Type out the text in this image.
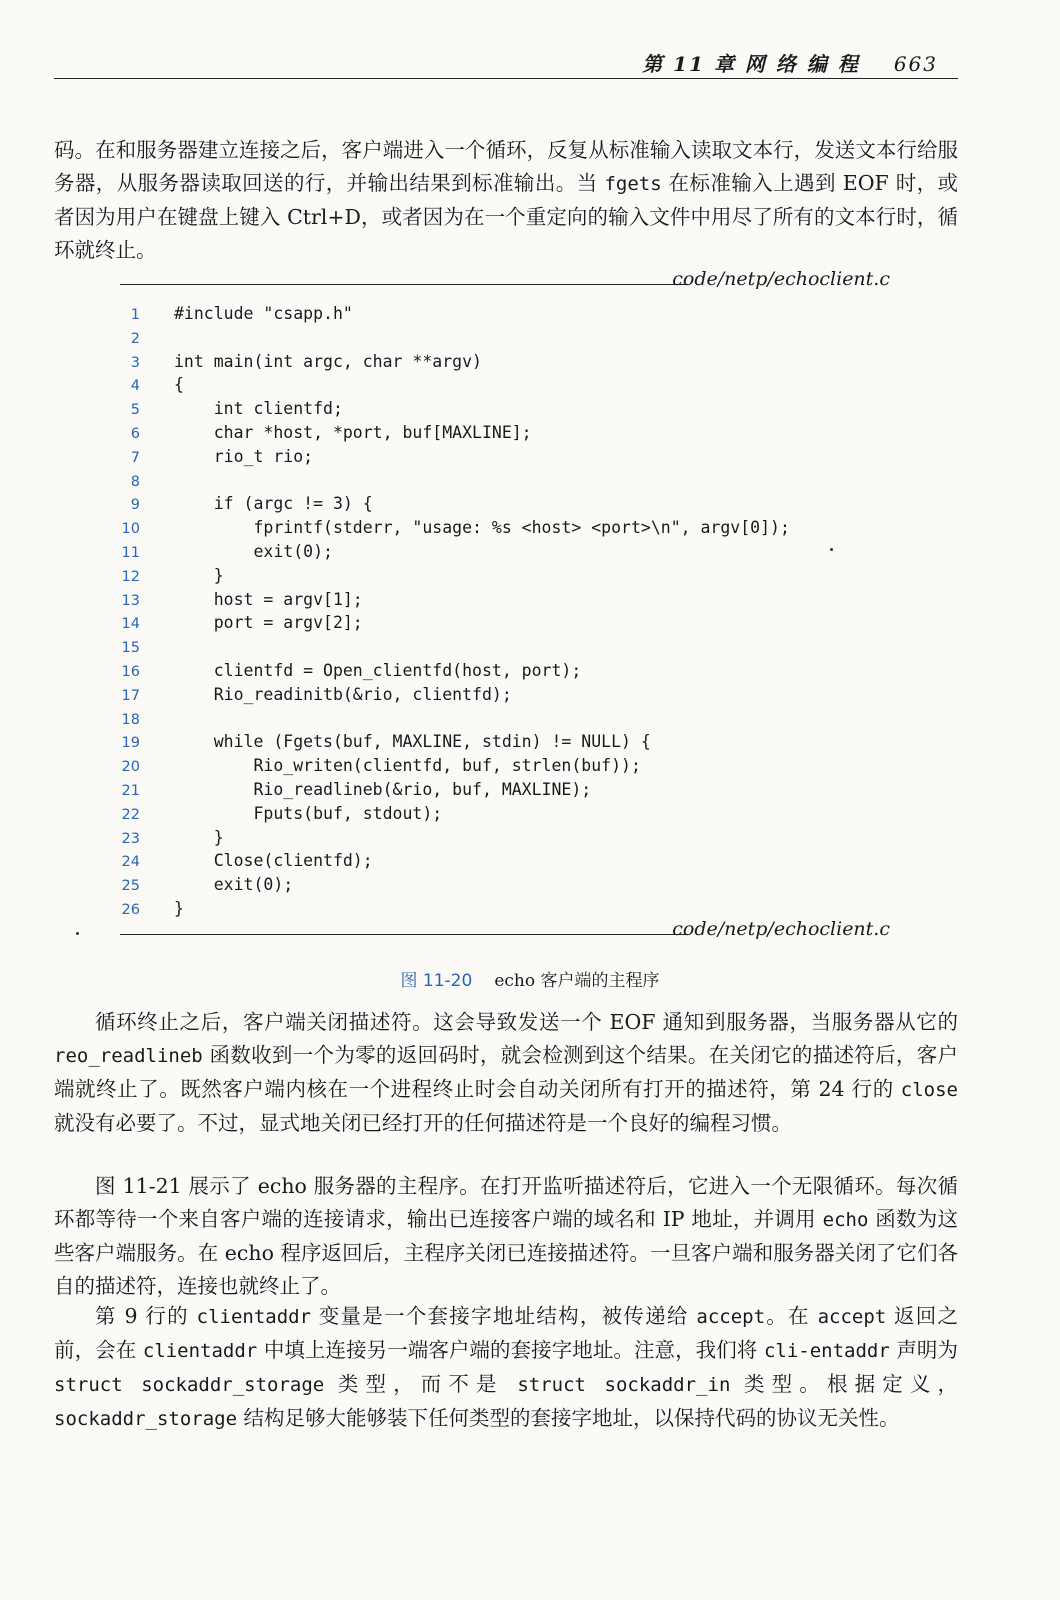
第 11 章 网 络 编 程 663

码。在和服务器建立连接之后，客户端进入一个循环，反复从标准输入读取文本行，发送文本行给服务器，从服务器读取回送的行，并输出结果到标准输出。当 fgets 在标准输入上遇到 EOF 时，或者因为用户在键盘上键入 Ctrl+D，或者因为在一个重定向的输入文件中用尽了所有的文本行时，循环就终止。

code/netp/echoclient.c
1 #include "csapp.h"
2
3 int main(int argc, char **argv)
4 {
5 int clientfd;
6 char *host, *port, buf[MAXLINE];
7 rio_t rio;
8
9 if (argc != 3) {
10 fprintf(stderr, "usage: %s <host> <port>\n", argv[0]);
11 exit(0);
12 }
13 host = argv[1];
14 port = argv[2];
15
16 clientfd = Open_clientfd(host, port);
17 Rio_readinitb(&rio, clientfd);
18
19 while (Fgets(buf, MAXLINE, stdin) != NULL) {
20 Rio_writen(clientfd, buf, strlen(buf));
21 Rio_readlineb(&rio, buf, MAXLINE);
22 Fputs(buf, stdout);
23 }
24 Close(clientfd);
25 exit(0);
26 }
code/netp/echoclient.c
图 11-20 echo 客户端的主程序

循环终止之后，客户端关闭描述符。这会导致发送一个 EOF 通知到服务器，当服务器从它的 reo_readlineb 函数收到一个为零的返回码时，就会检测到这个结果。在关闭它的描述符后，客户端就终止了。既然客户端内核在一个进程终止时会自动关闭所有打开的描述符，第 24 行的 close 就没有必要了。不过，显式地关闭已经打开的任何描述符是一个良好的编程习惯。

图 11-21 展示了 echo 服务器的主程序。在打开监听描述符后，它进入一个无限循环。每次循环都等待一个来自客户端的连接请求，输出已连接客户端的域名和 IP 地址，并调用 echo 函数为这些客户端服务。在 echo 程序返回后，主程序关闭已连接描述符。一旦客户端和服务器关闭了它们各自的描述符，连接也就终止了。

第 9 行的 clientaddr 变量是一个套接字地址结构，被传递给 accept。在 accept 返回之前，会在 clientaddr 中填上连接另一端客户端的套接字地址。注意，我们将 cli-entaddr 声明为 struct sockaddr_storage 类型，而不是 struct sockaddr_in 类型。根据定义，sockaddr_storage 结构足够大能够装下任何类型的套接字地址，以保持代码的协议无关性。
